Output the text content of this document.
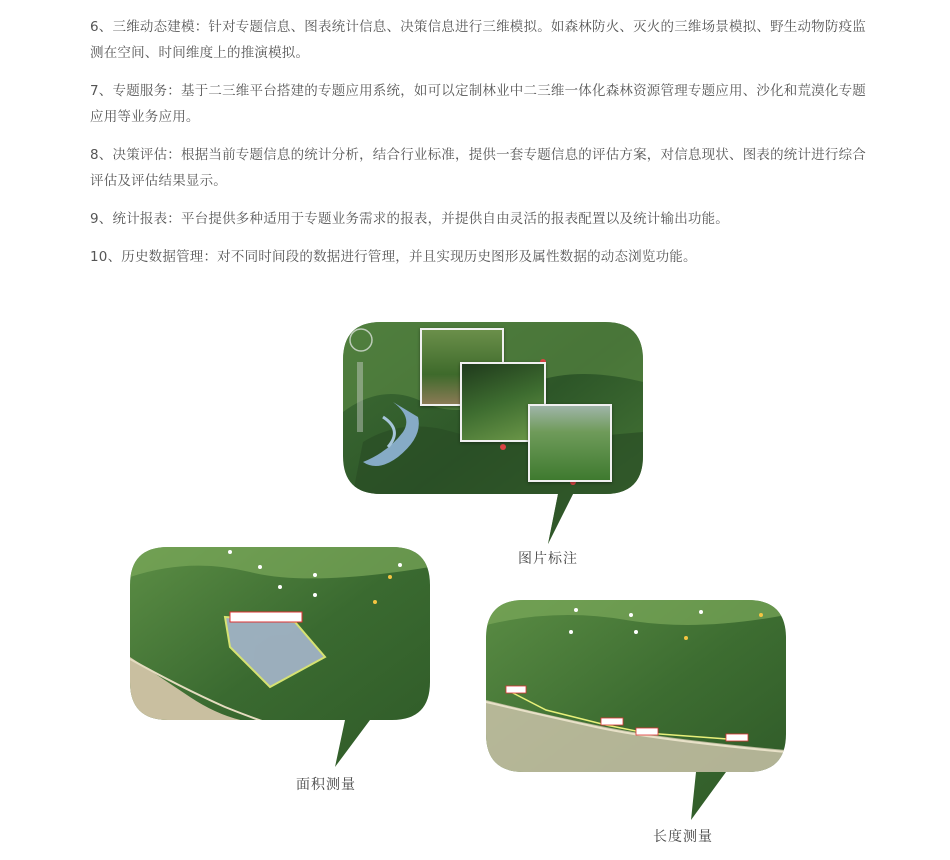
6、三维动态建模：针对专题信息、图表统计信息、决策信息进行三维模拟。如森林防火、灭火的三维场景模拟、野生动物防疫监测在空间、时间维度上的推演模拟。

7、专题服务：基于二三维平台搭建的专题应用系统，如可以定制林业中二三维一体化森林资源管理专题应用、沙化和荒漠化专题应用等业务应用。

8、决策评估：根据当前专题信息的统计分析，结合行业标准，提供一套专题信息的评估方案，对信息现状、图表的统计进行综合评估及评估结果显示。

9、统计报表：平台提供多种适用于专题业务需求的报表，并提供自由灵活的报表配置以及统计输出功能。

10、历史数据管理：对不同时间段的数据进行管理，并且实现历史图形及属性数据的动态浏览功能。

图片标注
面积测量
长度测量
